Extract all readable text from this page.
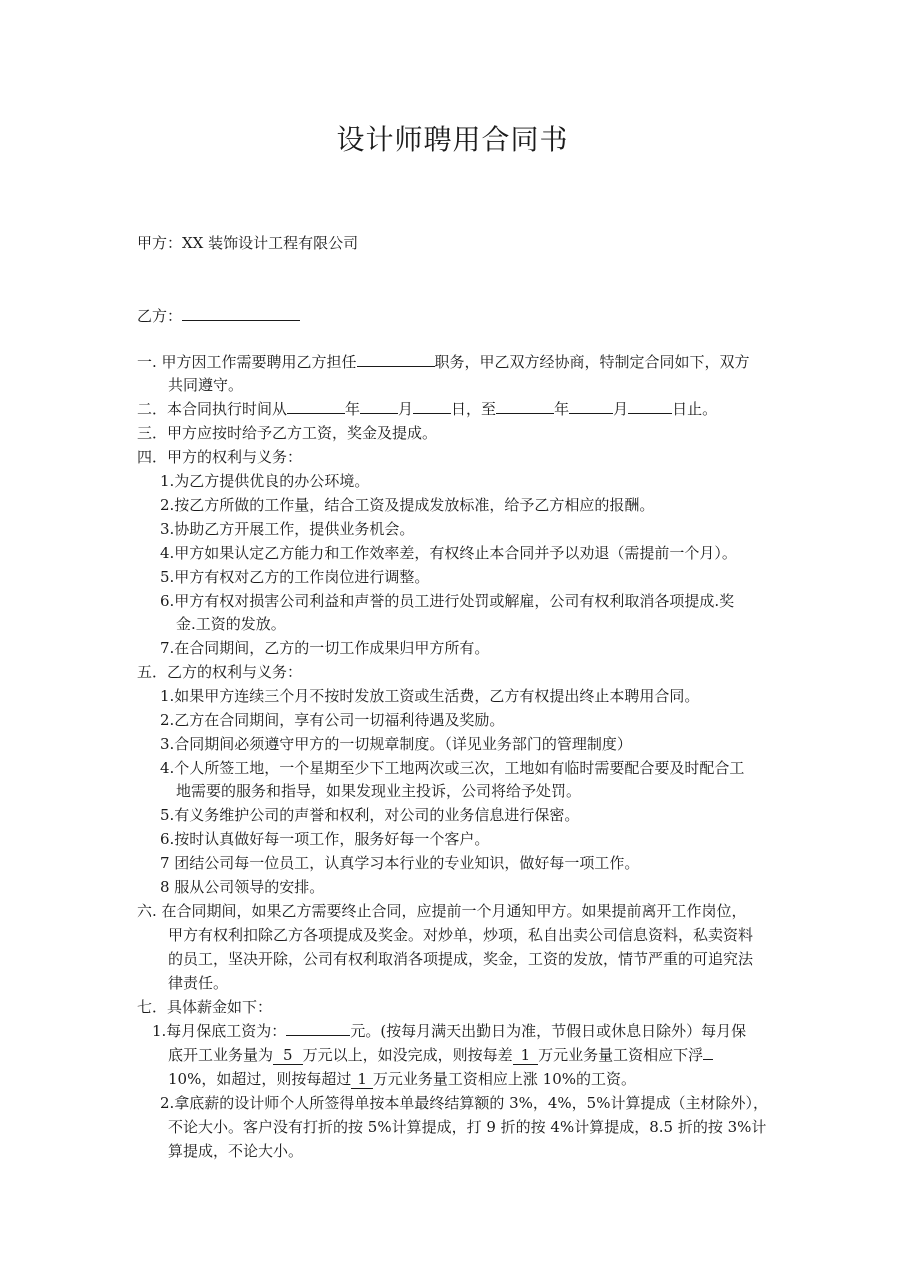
设计师聘用合同书
甲方：XX 装饰设计工程有限公司
乙方：
一. 甲方因工作需要聘用乙方担任	职务，甲乙双方经协商，特制定合同如下，双方
共同遵守。
二．本合同执行时间从	年	月	日，至	年	月	日止。
三．甲方应按时给予乙方工资，奖金及提成。
四．甲方的权利与义务：
1.为乙方提供优良的办公环境。
2.按乙方所做的工作量，结合工资及提成发放标准，给予乙方相应的报酬。
3.协助乙方开展工作，提供业务机会。
4.甲方如果认定乙方能力和工作效率差，有权终止本合同并予以劝退（需提前一个月）。
5.甲方有权对乙方的工作岗位进行调整。
6.甲方有权对损害公司利益和声誉的员工进行处罚或解雇，公司有权利取消各项提成.奖
金.工资的发放。
7.在合同期间，乙方的一切工作成果归甲方所有。
五．乙方的权利与义务：
1.如果甲方连续三个月不按时发放工资或生活费，乙方有权提出终止本聘用合同。
2.乙方在合同期间，享有公司一切福利待遇及奖励。
3.合同期间必须遵守甲方的一切规章制度。（详见业务部门的管理制度）
4.个人所签工地，一个星期至少下工地两次或三次，工地如有临时需要配合要及时配合工
地需要的服务和指导，如果发现业主投诉，公司将给予处罚。
5.有义务维护公司的声誉和权利，对公司的业务信息进行保密。
6.按时认真做好每一项工作，服务好每一个客户。
7 团结公司每一位员工，认真学习本行业的专业知识，做好每一项工作。
8 服从公司领导的安排。
六. 在合同期间，如果乙方需要终止合同，应提前一个月通知甲方。如果提前离开工作岗位，
甲方有权利扣除乙方各项提成及奖金。对炒单，炒项，私自出卖公司信息资料，私卖资料
的员工，坚决开除，公司有权利取消各项提成，奖金，工资的发放，情节严重的可追究法
律责任。
七．具体薪金如下：
1.每月保底工资为：	元。(按每月满天出勤日为准，节假日或休息日除外）每月保
底开工业务量为 5 万元以上，如没完成，则按每差 1 万元业务量工资相应下浮
10%，如超过，则按每超过 1 万元业务量工资相应上涨 10%的工资。
2.拿底薪的设计师个人所签得单按本单最终结算额的 3%，4%，5%计算提成（主材除外），
不论大小。客户没有打折的按 5%计算提成，打 9 折的按 4%计算提成，8.5 折的按 3%计
算提成，不论大小。
